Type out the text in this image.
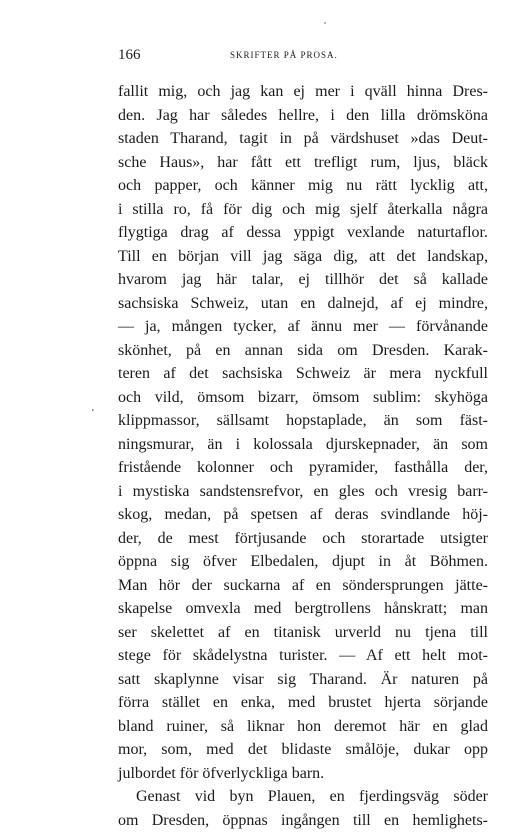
166	SKRIFTER PÅ PROSA.
'
fallit mig, och jag kan ej mer i qväll hinna Dres-
den. Jag har således hellre, i den lilla drömsköna
staden Tharand, tagit in på värdshuset »das Deut-
sche Haus», har fått ett trefligt rum, ljus, bläck
och papper, och känner mig nu rätt lycklig att,
i stilla ro, få för dig och mig sjelf återkalla några
flygtiga drag af dessa yppigt vexlande naturtaflor.
Till en början vill jag säga dig, att det landskap,
hvarom jag här talar, ej tillhör det så kallade
sachsiska Schweiz, utan en dalnejd, af ej mindre,
— ja, mången tycker, af ännu mer — förvånande
skönhet, på en annan sida om Dresden. Karak-
teren af det sachsiska Schweiz är mera nyckfull
och vild, ömsom bizarr, ömsom sublim: skyhöga
klippmassor, sällsamt hopstaplade, än som fäst-
ningsmurar, än i kolossala djurskepnader, än som
fristående kolonner och pyramider, fasthålla der,
i mystiska sandstensrefvor, en gles och vresig barr-
skog, medan, på spetsen af deras svindlande höj-
der, de mest förtjusande och storartade utsigter
öppna sig öfver Elbedalen, djupt in åt Böhmen.
Man hör der suckarna af en söndersprungen jätte-
skapelse omvexla med bergtrollens hånskratt; man
ser skelettet af en titanisk urverld nu tjena till
stege för skådelystna turister. — Af ett helt mot-
satt skaplynne visar sig Tharand. Är naturen på
förra stället en enka, med brustet hjerta sörjande
bland ruiner, så liknar hon deremot här en glad
mor, som, med det blidaste smålöje, dukar opp
julbordet för öfverlyckliga barn.
Genast vid byn Plauen, en fjerdingsväg söder
om Dresden, öppnas ingången till en hemlighets-
